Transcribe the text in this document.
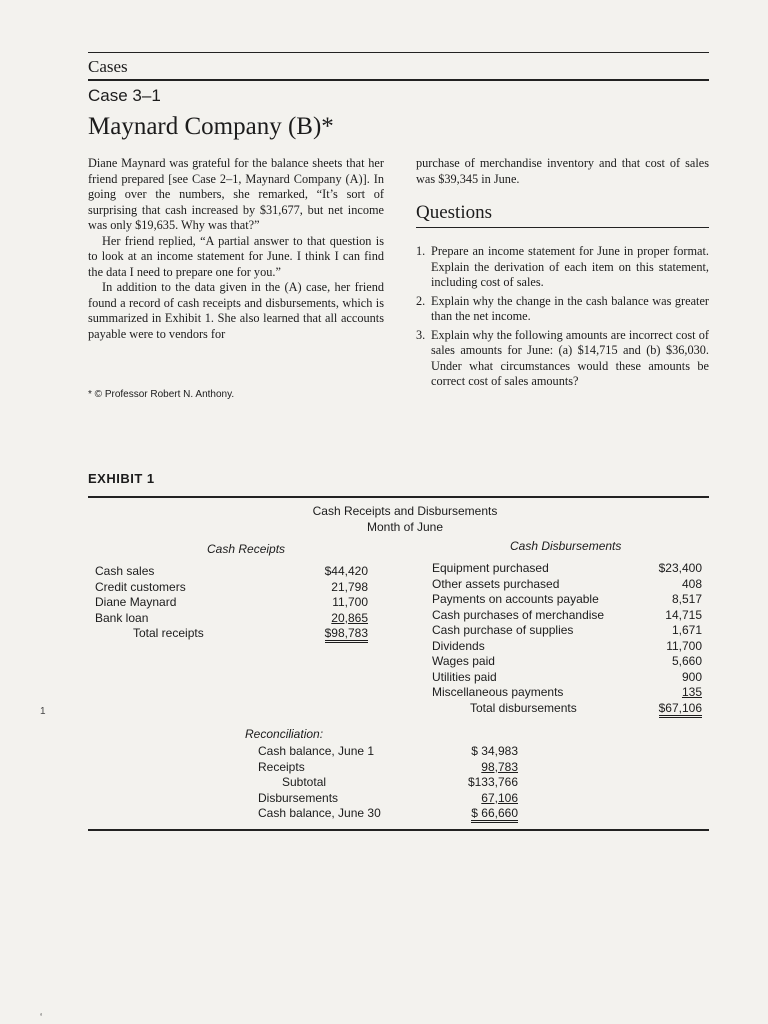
Cases
Case 3–1
Maynard Company (B)*

Diane Maynard was grateful for the balance sheets that her friend prepared [see Case 2–1, Maynard Company (A)]. In going over the numbers, she remarked, “It’s sort of surprising that cash increased by $31,677, but net income was only $19,635. Why was that?”

Her friend replied, “A partial answer to that question is to look at an income statement for June. I think I can find the data I need to prepare one for you.”

In addition to the data given in the (A) case, her friend found a record of cash receipts and disbursements, which is summarized in Exhibit 1. She also learned that all accounts payable were to vendors for

purchase of merchandise inventory and that cost of sales was $39,345 in June.

Questions
1. Prepare an income statement for June in proper format. Explain the derivation of each item on this statement, including cost of sales.
2. Explain why the change in the cash balance was greater than the net income.
3. Explain why the following amounts are incorrect cost of sales amounts for June: (a) $14,715 and (b) $36,030. Under what circumstances would these amounts be correct cost of sales amounts?
* © Professor Robert N. Anthony.
EXHIBIT 1
Cash Receipts and Disbursements
Month of June
Cash Receipts	Cash Disbursements
Cash sales
Credit customers
Diane Maynard
Bank loan
Total receipts
$44,420
21,798
11,700
20,865
$98,783
Equipment purchased
Other assets purchased
Payments on accounts payable
Cash purchases of merchandise
Cash purchase of supplies
Dividends
Wages paid
Utilities paid
Miscellaneous payments
Total disbursements
$23,400
408
8,517
14,715
1,671
11,700
5,660
900
135
$67,106
Reconciliation:
Cash balance, June 1
Receipts
Subtotal
Disbursements
Cash balance, June 30
$ 34,983
98,783
$133,766
67,106
$ 66,660
1
‘
